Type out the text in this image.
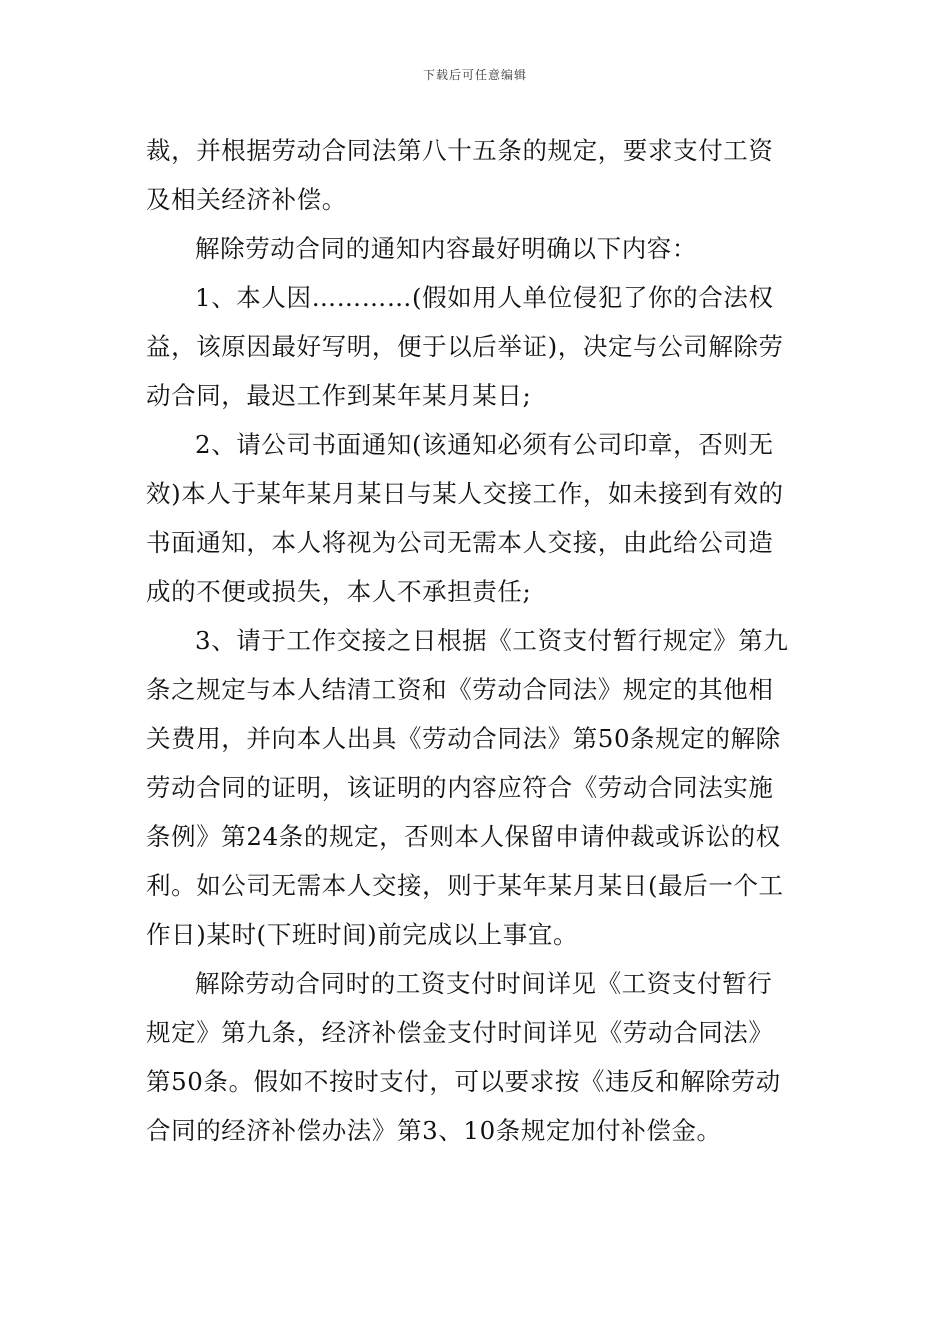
下载后可任意编辑
裁，并根据劳动合同法第八十五条的规定，要求支付工资
及相关经济补偿。
解除劳动合同的通知内容最好明确以下内容：
1、本人因…………(假如用人单位侵犯了你的合法权
益，该原因最好写明，便于以后举证)，决定与公司解除劳
动合同，最迟工作到某年某月某日;
2、请公司书面通知(该通知必须有公司印章，否则无
效)本人于某年某月某日与某人交接工作，如未接到有效的
书面通知，本人将视为公司无需本人交接，由此给公司造
成的不便或损失，本人不承担责任;
3、请于工作交接之日根据《工资支付暂行规定》第九
条之规定与本人结清工资和《劳动合同法》规定的其他相
关费用，并向本人出具《劳动合同法》第50条规定的解除
劳动合同的证明，该证明的内容应符合《劳动合同法实施
条例》第24条的规定，否则本人保留申请仲裁或诉讼的权
利。如公司无需本人交接，则于某年某月某日(最后一个工
作日)某时(下班时间)前完成以上事宜。
解除劳动合同时的工资支付时间详见《工资支付暂行
规定》第九条，经济补偿金支付时间详见《劳动合同法》
第50条。假如不按时支付，可以要求按《违反和解除劳动
合同的经济补偿办法》第3、10条规定加付补偿金。
